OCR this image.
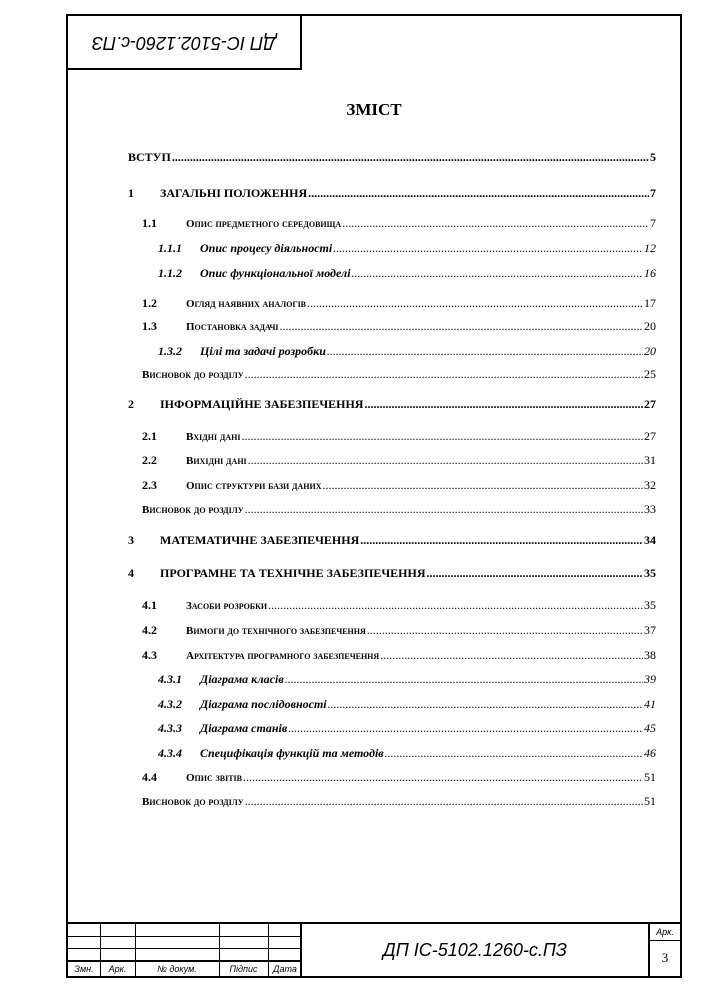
ДП ІС-5102.1260-с.ПЗ
ЗМІСТ
ВСТУП .....	5
1	ЗАГАЛЬНІ ПОЛОЖЕННЯ .....	7
1.1	Опис предметного середовища .....	7
1.1.1	Опис процесу діяльності .....	12
1.1.2	Опис функціональної моделі .....	16
1.2	Огляд наявних аналогів .....	17
1.3	Постановка задачі .....	20
1.3.2	Цілі та задачі розробки .....	20
Висновок до розділу .....	25
2	ІНФОРМАЦІЙНЕ ЗАБЕЗПЕЧЕННЯ .....	27
2.1	Вхідні дані .....	27
2.2	Вихідні дані .....	31
2.3	Опис структури бази даних .....	32
Висновок до розділу .....	33
3	МАТЕМАТИЧНЕ ЗАБЕЗПЕЧЕННЯ .....	34
4	ПРОГРАМНЕ ТА ТЕХНІЧНЕ ЗАБЕЗПЕЧЕННЯ .....	35
4.1	Засоби розробки .....	35
4.2	Вимоги до технічного забезпечення .....	37
4.3	Архітектура програмного забезпечення .....	38
4.3.1	Діаграма класів .....	39
4.3.2	Діаграма послідовності .....	41
4.3.3	Діаграма станів .....	45
4.3.4	Специфікація функцій та методів .....	46
4.4	Опис звітів .....	51
Висновок до розділу .....	51
Змн.	Арк.	№ докум.	Підпис	Дата
ДП ІС-5102.1260-с.ПЗ
Арк.
3
